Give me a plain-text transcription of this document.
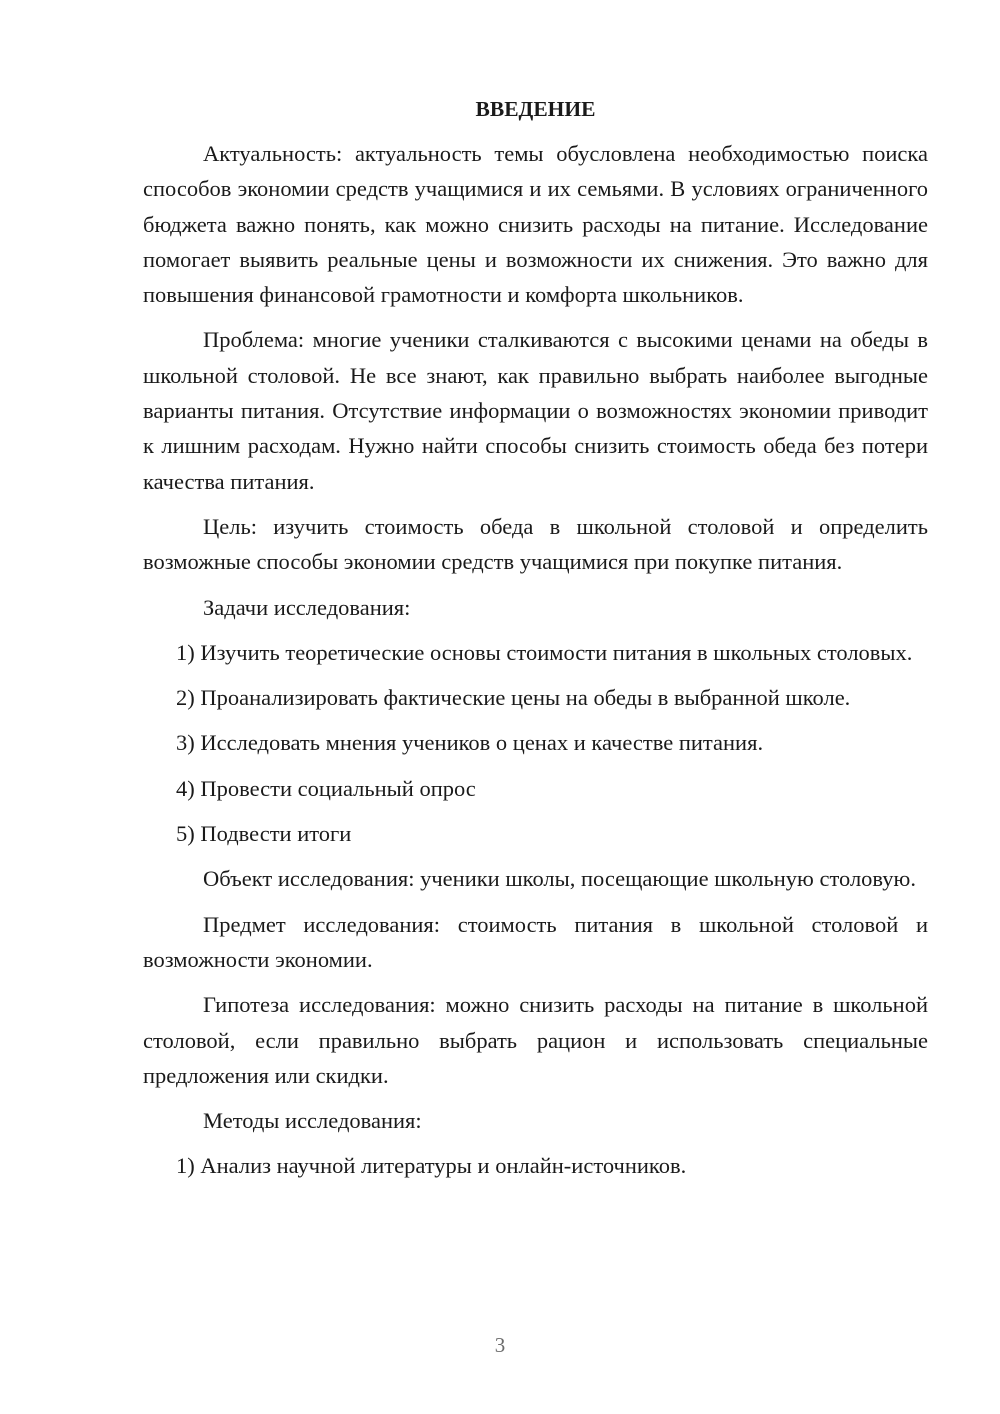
ВВЕДЕНИЕ

Актуальность: актуальность темы обусловлена необходимостью поиска способов экономии средств учащимися и их семьями. В условиях ограниченного бюджета важно понять, как можно снизить расходы на питание. Исследование помогает выявить реальные цены и возможности их снижения. Это важно для повышения финансовой грамотности и комфорта школьников.

Проблема: многие ученики сталкиваются с высокими ценами на обеды в школьной столовой. Не все знают, как правильно выбрать наиболее выгодные варианты питания. Отсутствие информации о возможностях экономии приводит к лишним расходам. Нужно найти способы снизить стоимость обеда без потери качества питания.

Цель: изучить стоимость обеда в школьной столовой и определить возможные способы экономии средств учащимися при покупке питания.

Задачи исследования:

1) Изучить теоретические основы стоимости питания в школьных столовых.

2) Проанализировать фактические цены на обеды в выбранной школе.

3) Исследовать мнения учеников о ценах и качестве питания.

4) Провести социальный опрос

5) Подвести итоги

Объект исследования: ученики школы, посещающие школьную столовую.

Предмет исследования: стоимость питания в школьной столовой и возможности экономии.

Гипотеза исследования: можно снизить расходы на питание в школьной столовой, если правильно выбрать рацион и использовать специальные предложения или скидки.

Методы исследования:

1) Анализ научной литературы и онлайн-источников.

3
